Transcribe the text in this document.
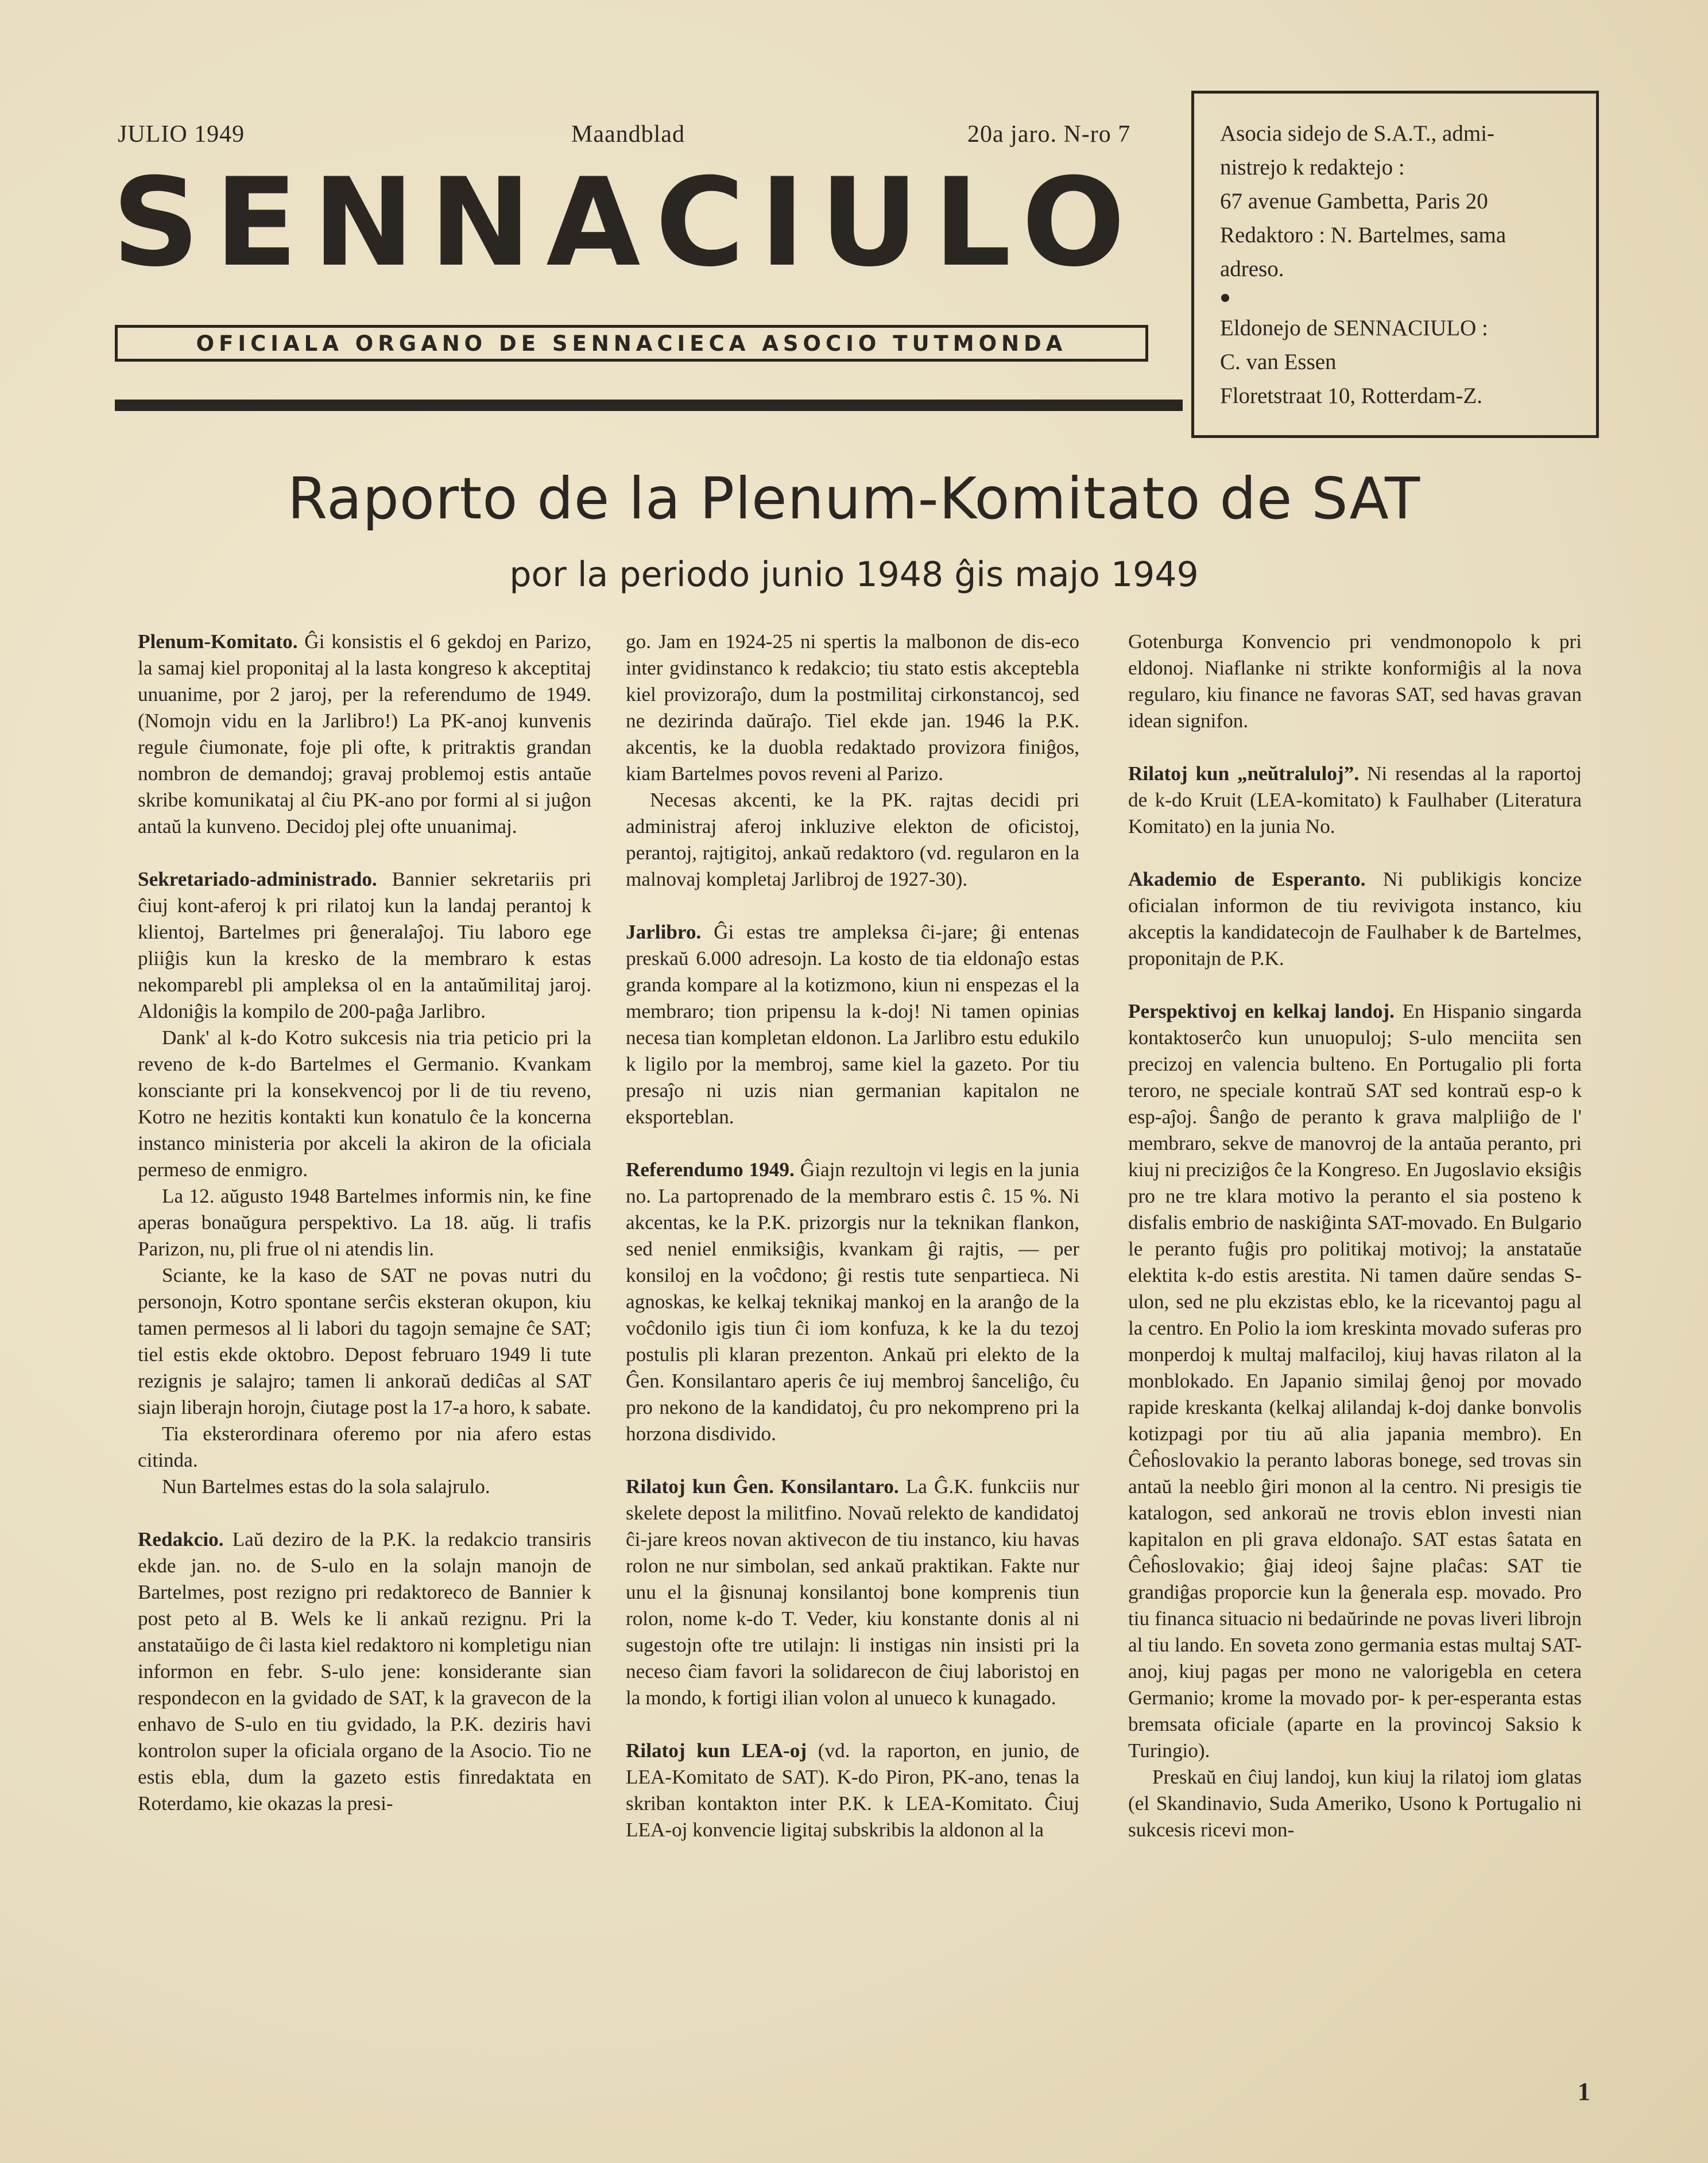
JULIO 1949	Maandblad	20a jaro. N-ro 7
SENNACIULO
OFICIALA ORGANO DE SENNACIECA ASOCIO TUTMONDA

Asocia sidejo de S.A.T., admi-

nistrejo k redaktejo :

67 avenue Gambetta, Paris 20

Redaktoro : N. Bartelmes, sama

adreso.

Eldonejo de SENNACIULO :

C. van Essen

Floretstraat 10, Rotterdam-Z.

Raporto de la Plenum-Komitato de SAT
por la periodo junio 1948 ĝis majo 1949

Plenum-Komitato. Ĝi konsistis el 6 gekdoj en Parizo, la samaj kiel proponitaj al la lasta kongreso k akceptitaj unuanime, por 2 jaroj, per la referendumo de 1949. (Nomojn vidu en la Jarlibro!) La PK-anoj kunvenis regule ĉiumonate, foje pli ofte, k pritraktis grandan nombron de demandoj; gravaj problemoj estis antaŭe skribe komunikataj al ĉiu PK-ano por formi al si juĝon antaŭ la kunveno. Decidoj plej ofte unuanimaj.

Sekretariado-administrado. Bannier sekretariis pri ĉiuj kont-aferoj k pri rilatoj kun la landaj perantoj k klientoj, Bartelmes pri ĝeneralaĵoj. Tiu laboro ege pliiĝis kun la kresko de la membraro k estas nekomparebl pli ampleksa ol en la antaŭmilitaj jaroj. Aldoniĝis la kompilo de 200-paĝa Jarlibro.

Dank' al k-do Kotro sukcesis nia tria peticio pri la reveno de k-do Bartelmes el Germanio. Kvankam konsciante pri la konsekvencoj por li de tiu reveno, Kotro ne hezitis kontakti kun konatulo ĉe la koncerna instanco ministeria por akceli la akiron de la oficiala permeso de enmigro.

La 12. aŭgusto 1948 Bartelmes informis nin, ke fine aperas bonaŭgura perspektivo. La 18. aŭg. li trafis Parizon, nu, pli frue ol ni atendis lin.

Sciante, ke la kaso de SAT ne povas nutri du personojn, Kotro spontane serĉis eksteran okupon, kiu tamen permesos al li labori du tagojn semajne ĉe SAT; tiel estis ekde oktobro. Depost februaro 1949 li tute rezignis je salajro; tamen li ankoraŭ dediĉas al SAT siajn liberajn horojn, ĉiutage post la 17-a horo, k sabate.

Tia eksterordinara oferemo por nia afero estas citinda.

Nun Bartelmes estas do la sola salajrulo.

Redakcio. Laŭ deziro de la P.K. la redakcio transiris ekde jan. no. de S-ulo en la solajn manojn de Bartelmes, post rezigno pri redaktoreco de Bannier k post peto al B. Wels ke li ankaŭ rezignu. Pri la anstataŭigo de ĉi lasta kiel redaktoro ni kompletigu nian informon en febr. S-ulo jene: konsiderante sian respondecon en la gvidado de SAT, k la gravecon de la enhavo de S-ulo en tiu gvidado, la P.K. deziris havi kontrolon super la oficiala organo de la Asocio. Tio ne estis ebla, dum la gazeto estis finredaktata en Roterdamo, kie okazas la presi-

go. Jam en 1924-25 ni spertis la malbonon de dis-eco inter gvidinstanco k redakcio; tiu stato estis akceptebla kiel provizoraĵo, dum la postmilitaj cirkonstancoj, sed ne dezirinda daŭraĵo. Tiel ekde jan. 1946 la P.K. akcentis, ke la duobla redaktado provizora finiĝos, kiam Bartelmes povos reveni al Parizo.

Necesas akcenti, ke la PK. rajtas decidi pri administraj aferoj inkluzive elekton de oficistoj, perantoj, rajtigitoj, ankaŭ redaktoro (vd. regularon en la malnovaj kompletaj Jarlibroj de 1927-30).

Jarlibro. Ĝi estas tre ampleksa ĉi-jare; ĝi entenas preskaŭ 6.000 adresojn. La kosto de tia eldonaĵo estas granda kompare al la kotizmono, kiun ni enspezas el la membraro; tion pripensu la k-doj! Ni tamen opinias necesa tian kompletan eldonon. La Jarlibro estu edukilo k ligilo por la membroj, same kiel la gazeto. Por tiu presaĵo ni uzis nian germanian kapitalon ne eksporteblan.

Referendumo 1949. Ĝiajn rezultojn vi legis en la junia no. La partoprenado de la membraro estis ĉ. 15 %. Ni akcentas, ke la P.K. prizorgis nur la teknikan flankon, sed neniel enmiksiĝis, kvankam ĝi rajtis, — per konsiloj en la voĉdono; ĝi restis tute senpartieca. Ni agnoskas, ke kelkaj teknikaj mankoj en la aranĝo de la voĉdonilo igis tiun ĉi iom konfuza, k ke la du tezoj postulis pli klaran prezenton. Ankaŭ pri elekto de la Ĝen. Konsilantaro aperis ĉe iuj membroj ŝanceliĝo, ĉu pro nekono de la kandidatoj, ĉu pro nekompreno pri la horzona disdivido.

Rilatoj kun Ĝen. Konsilantaro. La Ĝ.K. funkciis nur skelete depost la militfino. Novaŭ relekto de kandidatoj ĉi-jare kreos novan aktivecon de tiu instanco, kiu havas rolon ne nur simbolan, sed ankaŭ praktikan. Fakte nur unu el la ĝisnunaj konsilantoj bone komprenis tiun rolon, nome k-do T. Veder, kiu konstante donis al ni sugestojn ofte tre utilajn: li instigas nin insisti pri la neceso ĉiam favori la solidarecon de ĉiuj laboristoj en la mondo, k fortigi ilian volon al unueco k kunagado.

Rilatoj kun LEA-oj (vd. la raporton, en junio, de LEA-Komitato de SAT). K-do Piron, PK-ano, tenas la skriban kontakton inter P.K. k LEA-Komitato. Ĉiuj LEA-oj konvencie ligitaj subskribis la aldonon al la

Gotenburga Konvencio pri vendmonopolo k pri eldonoj. Niaflanke ni strikte konformiĝis al la nova regularo, kiu finance ne favoras SAT, sed havas gravan idean signifon.

Rilatoj kun „neŭtraluloj”. Ni resendas al la raportoj de k-do Kruit (LEA-komitato) k Faulhaber (Literatura Komitato) en la junia No.

Akademio de Esperanto. Ni publikigis koncize oficialan informon de tiu revivigota instanco, kiu akceptis la kandidatecojn de Faulhaber k de Bartelmes, proponitajn de P.K.

Perspektivoj en kelkaj landoj. En Hispanio singarda kontaktoserĉo kun unuopuloj; S-ulo menciita sen precizoj en valencia bulteno. En Portugalio pli forta teroro, ne speciale kontraŭ SAT sed kontraŭ esp-o k esp-aĵoj. Ŝanĝo de peranto k grava malpliiĝo de l' membraro, sekve de manovroj de la antaŭa peranto, pri kiuj ni preciziĝos ĉe la Kongreso. En Jugoslavio eksiĝis pro ne tre klara motivo la peranto el sia posteno k disfalis embrio de naskiĝinta SAT-movado. En Bulgario le peranto fuĝis pro politikaj motivoj; la anstataŭe elektita k-do estis arestita. Ni tamen daŭre sendas S-ulon, sed ne plu ekzistas eblo, ke la ricevantoj pagu al la centro. En Polio la iom kreskinta movado suferas pro monperdoj k multaj malfaciloj, kiuj havas rilaton al la monblokado. En Japanio similaj ĝenoj por movado rapide kreskanta (kelkaj alilandaj k-doj danke bonvolis kotizpagi por tiu aŭ alia japania membro). En Ĉeĥoslovakio la peranto laboras bonege, sed trovas sin antaŭ la neeblo ĝiri monon al la centro. Ni presigis tie katalogon, sed ankoraŭ ne trovis eblon investi nian kapitalon en pli grava eldonaĵo. SAT estas ŝatata en Ĉeĥoslovakio; ĝiaj ideoj ŝajne plaĉas: SAT tie grandiĝas proporcie kun la ĝenerala esp. movado. Pro tiu financa situacio ni bedaŭrinde ne povas liveri librojn al tiu lando. En soveta zono germania estas multaj SAT-anoj, kiuj pagas per mono ne valorigebla en cetera Germanio; krome la movado por- k per-esperanta estas bremsata oficiale (aparte en la provincoj Saksio k Turingio).

Preskaŭ en ĉiuj landoj, kun kiuj la rilatoj iom glatas (el Skandinavio, Suda Ameriko, Usono k Portugalio ni sukcesis ricevi mon-

1
